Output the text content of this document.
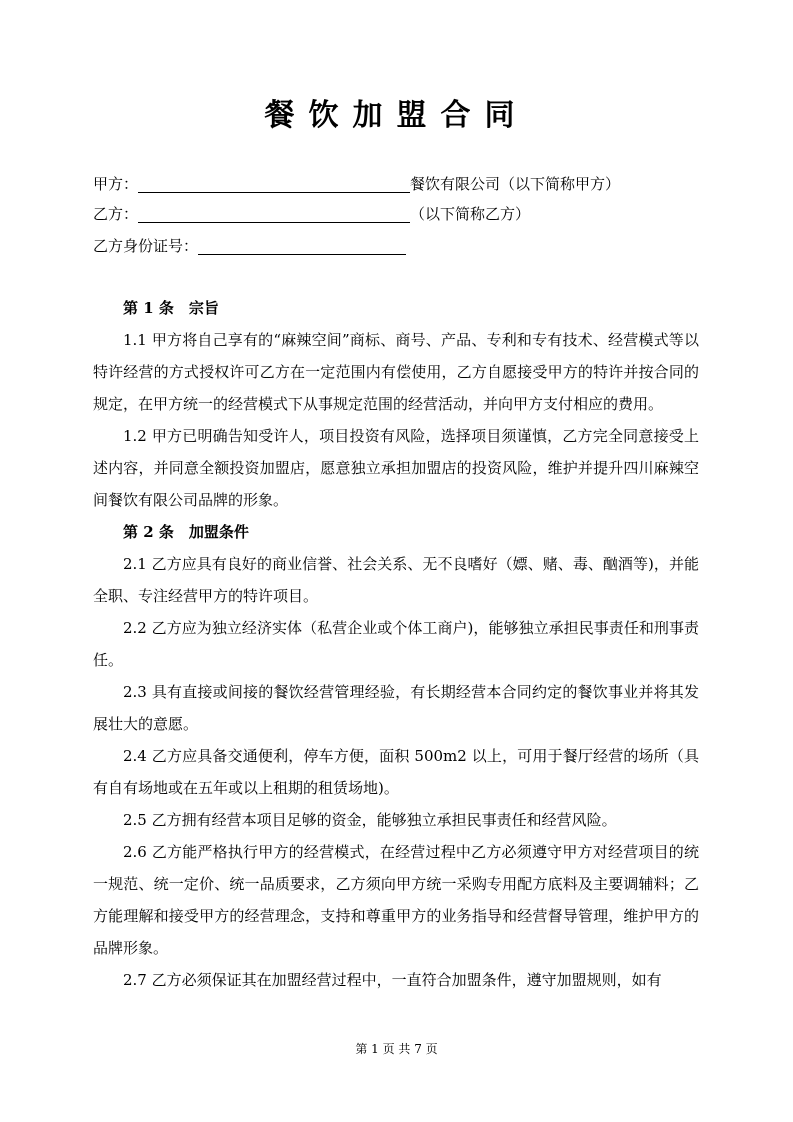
餐饮加盟合同
甲方：	餐饮有限公司（以下简称甲方）
乙方：	（以下简称乙方）
乙方身份证号：

第 1 条　宗旨

1.1 甲方将自己享有的“麻辣空间”商标、商号、产品、专利和专有技术、经营模式等以特许经营的方式授权许可乙方在一定范围内有偿使用，乙方自愿接受甲方的特许并按合同的规定，在甲方统一的经营模式下从事规定范围的经营活动，并向甲方支付相应的费用。

1.2 甲方已明确告知受许人，项目投资有风险，选择项目须谨慎，乙方完全同意接受上述内容，并同意全额投资加盟店，愿意独立承担加盟店的投资风险，维护并提升四川麻辣空间餐饮有限公司品牌的形象。

第 2 条　加盟条件

2.1 乙方应具有良好的商业信誉、社会关系、无不良嗜好（嫖、赌、毒、酗酒等)，并能全职、专注经营甲方的特许项目。

2.2 乙方应为独立经济实体（私营企业或个体工商户)，能够独立承担民事责任和刑事责任。

2.3 具有直接或间接的餐饮经营管理经验，有长期经营本合同约定的餐饮事业并将其发展壮大的意愿。

2.4 乙方应具备交通便利，停车方便，面积 500m2 以上，可用于餐厅经营的场所（具有自有场地或在五年或以上租期的租赁场地)。

2.5 乙方拥有经营本项目足够的资金，能够独立承担民事责任和经营风险。

2.6 乙方能严格执行甲方的经营模式，在经营过程中乙方必须遵守甲方对经营项目的统一规范、统一定价、统一品质要求，乙方须向甲方统一采购专用配方底料及主要调辅料；乙方能理解和接受甲方的经营理念，支持和尊重甲方的业务指导和经营督导管理，维护甲方的品牌形象。

2.7 乙方必须保证其在加盟经营过程中，一直符合加盟条件，遵守加盟规则，如有

第 1 页 共 7 页
